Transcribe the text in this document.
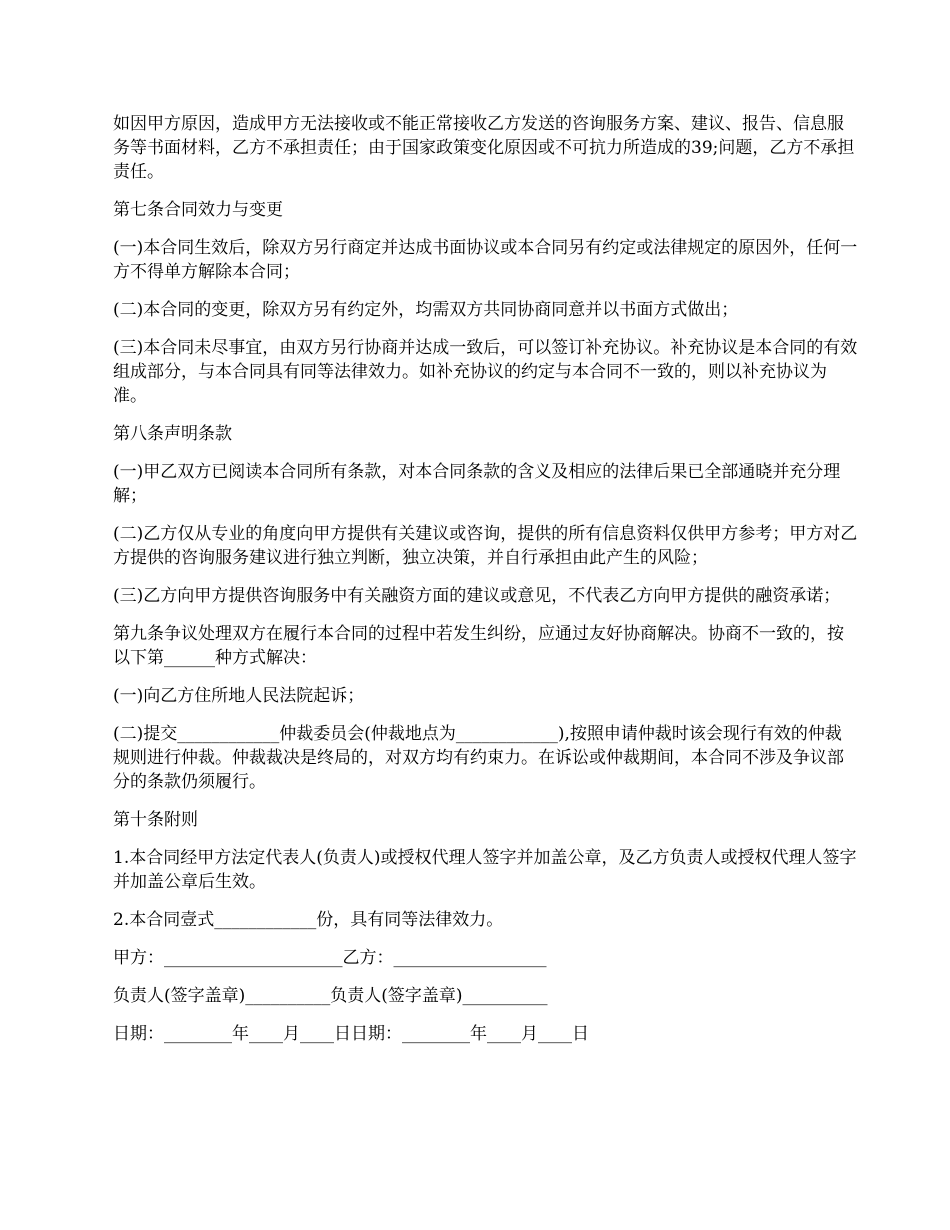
如因甲方原因，造成甲方无法接收或不能正常接收乙方发送的咨询服务方案、建议、报告、信息服务等书面材料，乙方不承担责任；由于国家政策变化原因或不可抗力所造成的39;问题，乙方不承担责任。

第七条合同效力与变更

(一)本合同生效后，除双方另行商定并达成书面协议或本合同另有约定或法律规定的原因外，任何一方不得单方解除本合同；

(二)本合同的变更，除双方另有约定外，均需双方共同协商同意并以书面方式做出；

(三)本合同未尽事宜，由双方另行协商并达成一致后，可以签订补充协议。补充协议是本合同的有效组成部分，与本合同具有同等法律效力。如补充协议的约定与本合同不一致的，则以补充协议为准。

第八条声明条款

(一)甲乙双方已阅读本合同所有条款，对本合同条款的含义及相应的法律后果已全部通晓并充分理解；

(二)乙方仅从专业的角度向甲方提供有关建议或咨询，提供的所有信息资料仅供甲方参考；甲方对乙方提供的咨询服务建议进行独立判断，独立决策，并自行承担由此产生的风险；

(三)乙方向甲方提供咨询服务中有关融资方面的建议或意见，不代表乙方向甲方提供的融资承诺；

第九条争议处理双方在履行本合同的过程中若发生纠纷，应通过友好协商解决。协商不一致的，按以下第______种方式解决：

(一)向乙方住所地人民法院起诉；

(二)提交____________仲裁委员会(仲裁地点为____________),按照申请仲裁时该会现行有效的仲裁规则进行仲裁。仲裁裁决是终局的，对双方均有约束力。在诉讼或仲裁期间，本合同不涉及争议部分的条款仍须履行。

第十条附则

1.本合同经甲方法定代表人(负责人)或授权代理人签字并加盖公章，及乙方负责人或授权代理人签字并加盖公章后生效。

2.本合同壹式____________份，具有同等法律效力。

甲方：_____________________乙方：__________________

负责人(签字盖章)__________负责人(签字盖章)__________

日期：________年____月____日日期：________年____月____日
